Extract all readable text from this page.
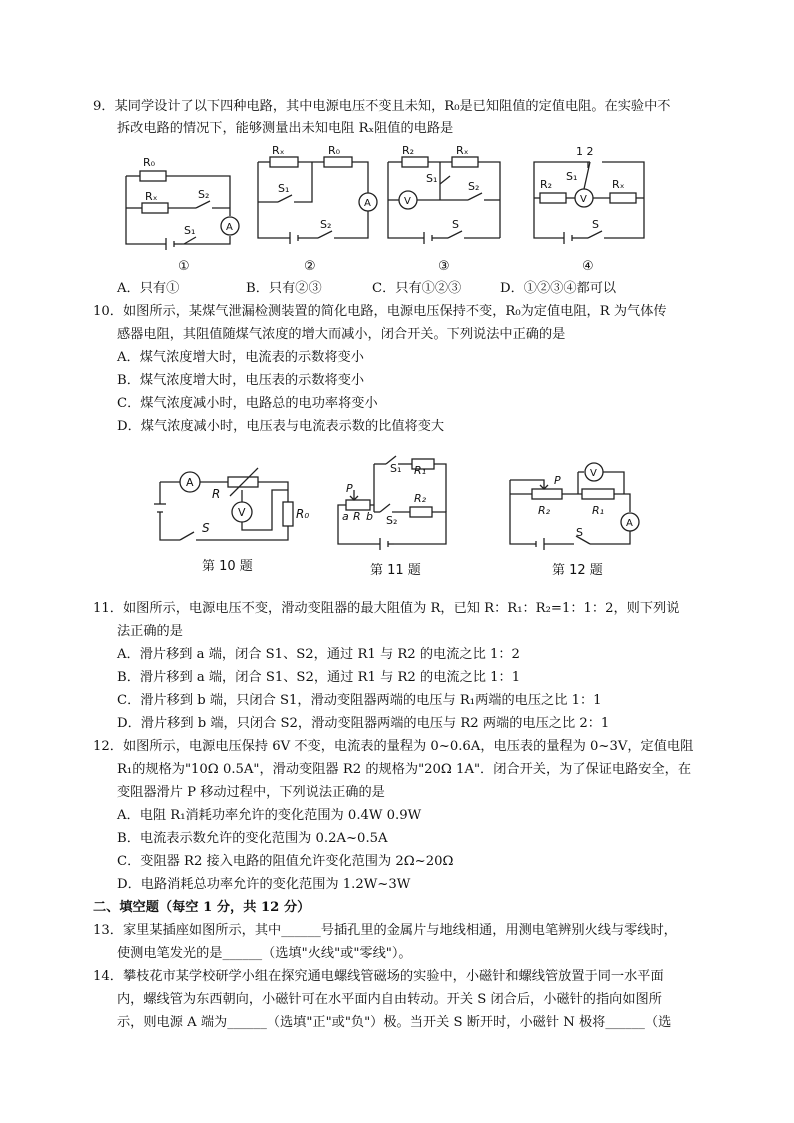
9．某同学设计了以下四种电路，其中电源电压不变且未知，R₀是已知阻值的定值电阻。在实验中不
拆改电路的情况下，能够测量出未知电阻 Rₓ阻值的电路是
R₀
Rₓ	S₂
S₁	A
①
Rₓ	R₀
S₁
S₂
A
②
R₂	Rₓ
S₁
S₂
S
V
③
1 2
S₁
R₂	Rₓ
S
V
④
A．只有①	B．只有②③	C．只有①②③	D．①②③④都可以
10．如图所示，某煤气泄漏检测装置的简化电路，电源电压保持不变，R₀为定值电阻，R 为气体传
感器电阻，其阻值随煤气浓度的增大而减小，闭合开关。下列说法中正确的是
A．煤气浓度增大时，电流表的示数将变小
B．煤气浓度增大时，电压表的示数将变小
C．煤气浓度减小时，电路总的电功率将变小
D．煤气浓度减小时，电压表与电流表示数的比值将变大
A
R
V	R₀
S
第 10 题
S₁ R₁
R₂
S₂
P
a R b
第 11 题
V
A
P
R₂	R₁
S
第 12 题
11．如图所示，电源电压不变，滑动变阻器的最大阻值为 R，已知 R：R₁：R₂=1：1：2，则下列说
法正确的是
A．滑片移到 a 端，闭合 S1、S2，通过 R1 与 R2 的电流之比 1：2
B．滑片移到 a 端，闭合 S1、S2，通过 R1 与 R2 的电流之比 1：1
C．滑片移到 b 端，只闭合 S1，滑动变阻器两端的电压与 R₁两端的电压之比 1：1
D．滑片移到 b 端，只闭合 S2，滑动变阻器两端的电压与 R2 两端的电压之比 2：1
12．如图所示，电源电压保持 6V 不变，电流表的量程为 0~0.6A，电压表的量程为 0~3V，定值电阻
R₁的规格为"10Ω 0.5A"，滑动变阻器 R2 的规格为"20Ω 1A"．闭合开关，为了保证电路安全，在
变阻器滑片 P 移动过程中，下列说法正确的是
A．电阻 R₁消耗功率允许的变化范围为 0.4W 0.9W
B．电流表示数允许的变化范围为 0.2A~0.5A
C．变阻器 R2 接入电路的阻值允许变化范围为 2Ω~20Ω
D．电路消耗总功率允许的变化范围为 1.2W~3W
二、填空题（每空 1 分，共 12 分）
13．家里某插座如图所示，其中______号插孔里的金属片与地线相通，用测电笔辨别火线与零线时，
使测电笔发光的是______（选填"火线"或"零线"）。
14．攀枝花市某学校研学小组在探究通电螺线管磁场的实验中，小磁针和螺线管放置于同一水平面
内，螺线管为东西朝向，小磁针可在水平面内自由转动。开关 S 闭合后，小磁针的指向如图所
示，则电源 A 端为______（选填"正"或"负"）极。当开关 S 断开时，小磁针 N 极将______（选
